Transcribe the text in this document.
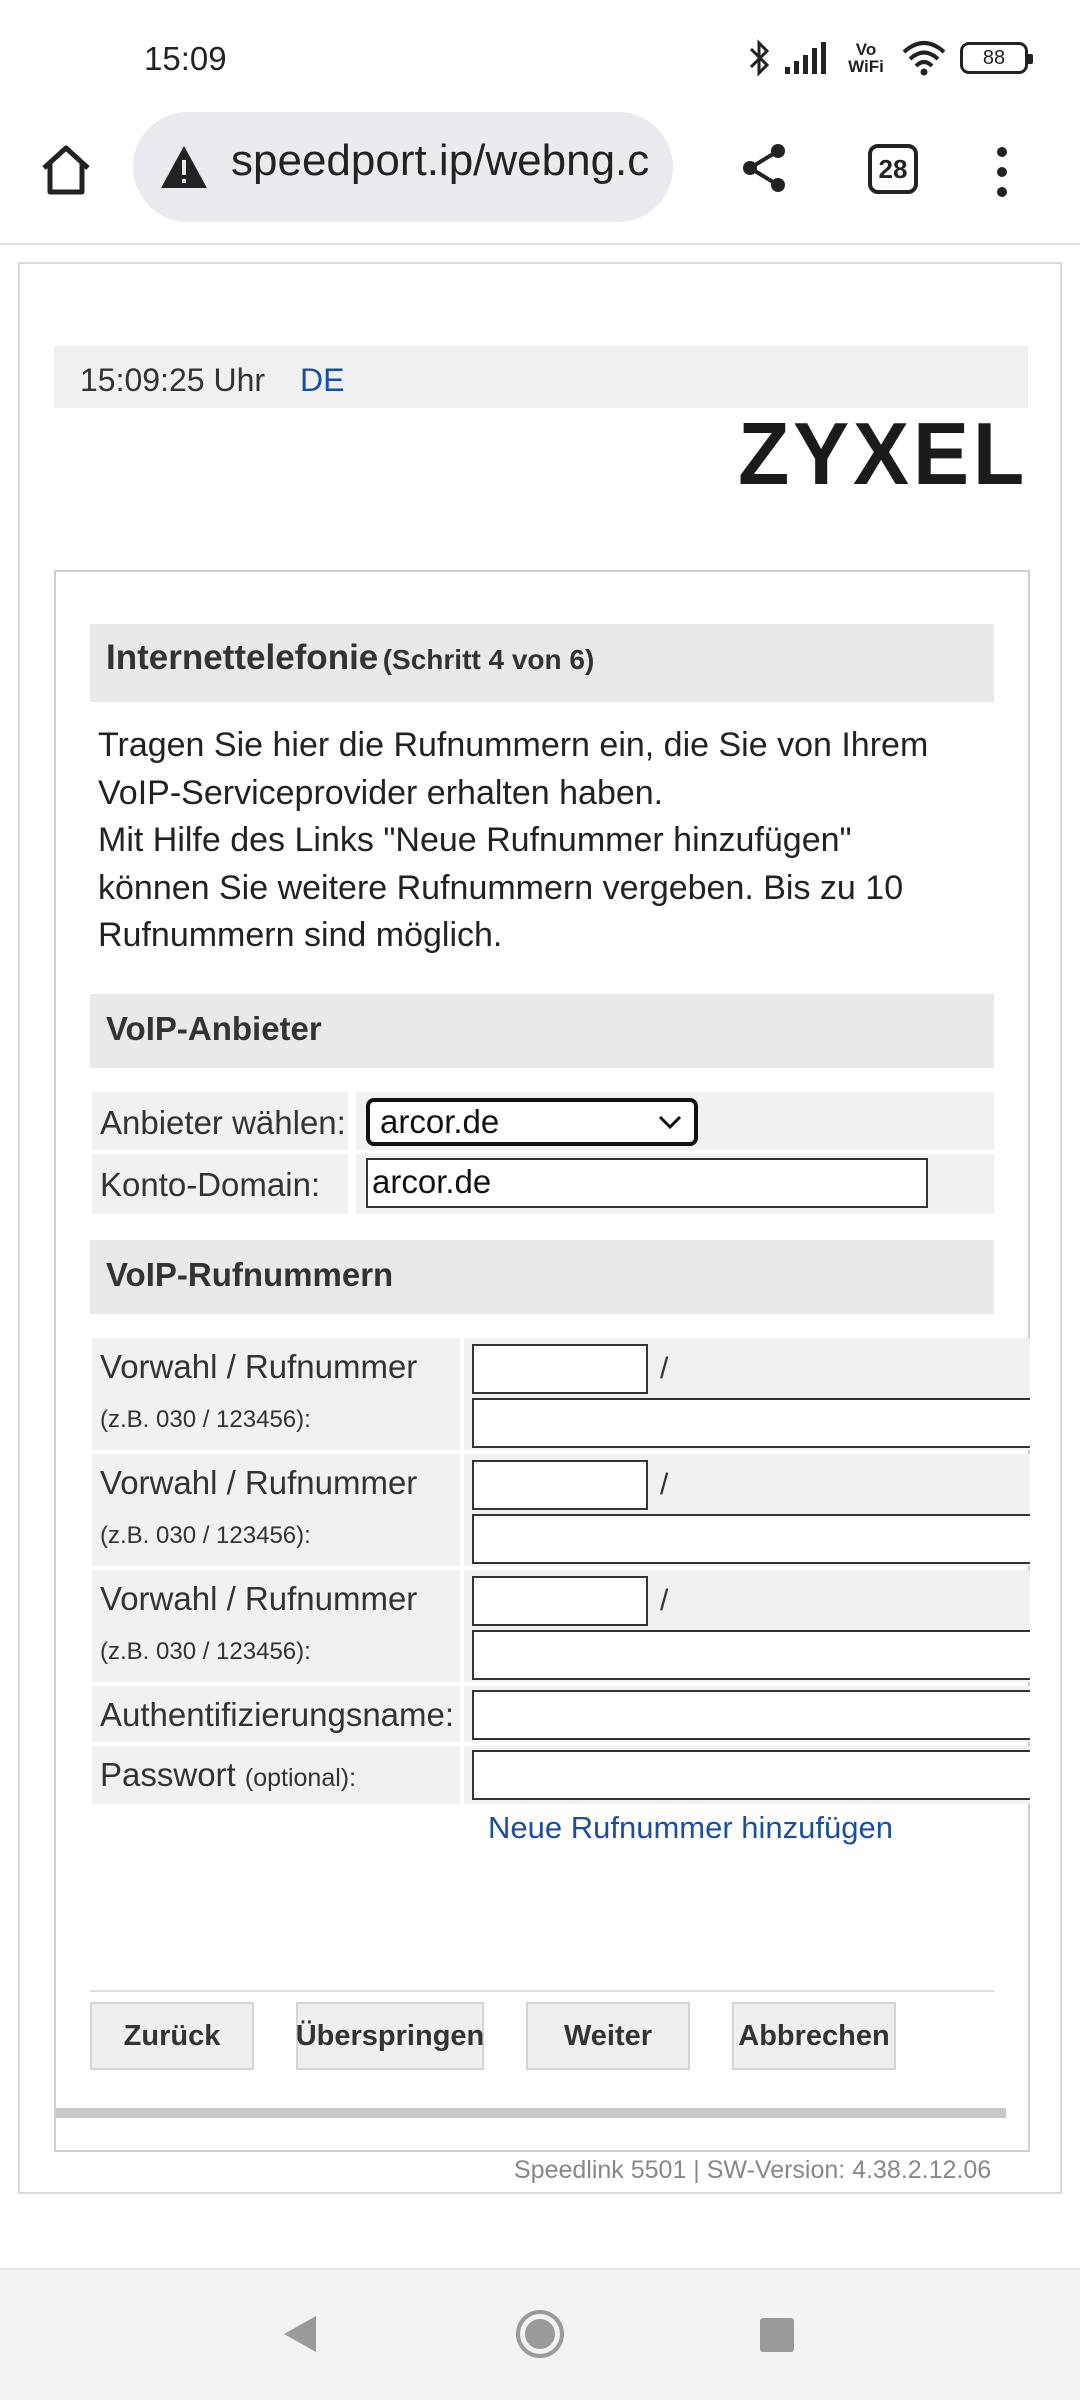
15:09	Vo WiFi	88
speedport.ip/webng.c	28
15:09:25 Uhr DE
ZYXEL
Internettelefonie (Schritt 4 von 6)
Tragen Sie hier die Rufnummern ein, die Sie von Ihrem
VoIP-Serviceprovider erhalten haben.
Mit Hilfe des Links "Neue Rufnummer hinzufügen"
können Sie weitere Rufnummern vergeben. Bis zu 10
Rufnummern sind möglich.
VoIP-Anbieter
Anbieter wählen:	arcor.de
Konto-Domain: arcor.de
VoIP-Rufnummern
Vorwahl / Rufnummer
(z.B. 030 / 123456):
/
Vorwahl / Rufnummer
(z.B. 030 / 123456):
/
Vorwahl / Rufnummer
(z.B. 030 / 123456):
/
Authentifizierungsname:
Passwort (optional):
Neue Rufnummer hinzufügen
Zurück	Überspringen	Weiter	Abbrechen
Speedlink 5501 | SW-Version: 4.38.2.12.06
